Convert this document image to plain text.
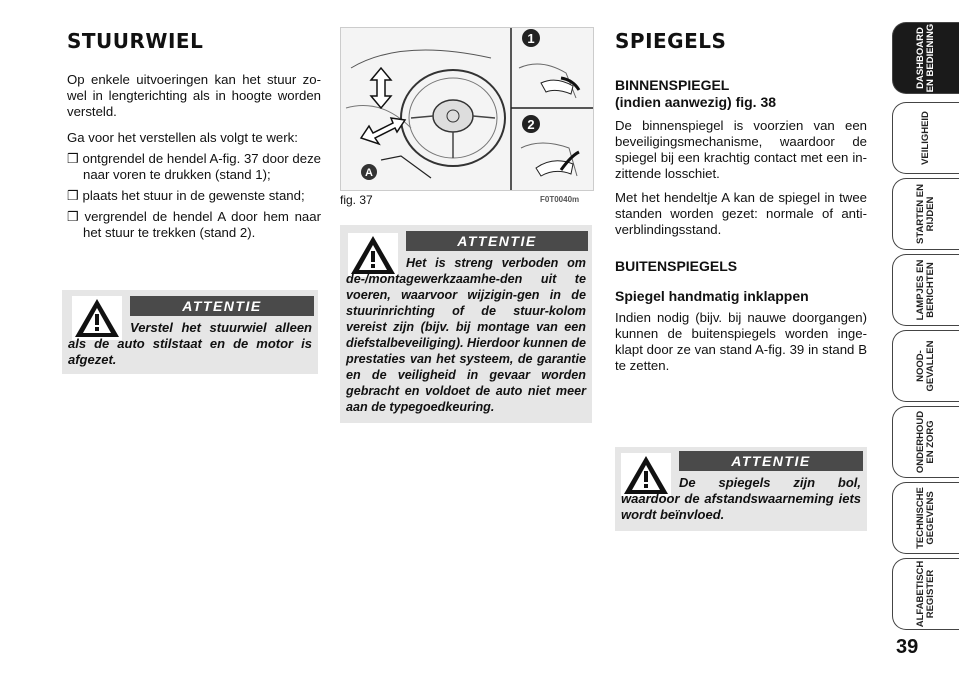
STUURWIEL

Op enkele uitvoeringen kan het stuur zo-wel in lengterichting als in hoogte worden versteld.

Ga voor het verstellen als volgt te werk:

❒ ontgrendel de hendel A-fig. 37 door deze naar voren te drukken (stand 1);

❒ plaats het stuur in de gewenste stand;

❒ vergrendel de hendel A door hem naar het stuur te trekken (stand 2).

ATTENTIE
Verstel het stuurwiel alleen als de auto stilstaat en de motor is afgezet.
A
1
2
fig. 37	F0T0040m
ATTENTIE
Het is streng verboden om de-/montagewerkzaamhe-den uit te voeren, waarvoor wijzigin-gen in de stuurinrichting of de stuur-kolom vereist zijn (bijv. bij montage van een diefstalbeveiliging). Hierdoor kunnen de prestaties van het systeem, de garantie en de veiligheid in gevaar worden gebracht en voldoet de auto niet meer aan de typegoedkeuring.
SPIEGELS
BINNENSPIEGEL
(indien aanwezig) fig. 38

De binnenspiegel is voorzien van een beveiligingsmechanisme, waardoor de spiegel bij een krachtig contact met een in-zittende losschiet.

Met het hendeltje A kan de spiegel in twee standen worden gezet: normale of anti-verblindingsstand.

BUITENSPIEGELS
Spiegel handmatig inklappen

Indien nodig (bijv. bij nauwe doorgangen) kunnen de buitenspiegels worden inge-klapt door ze van stand A-fig. 39 in stand B te zetten.

ATTENTIE
De spiegels zijn bol, waardoor de afstandswaarneming iets wordt beïnvloed.
DASHBOARD
EN BEDIENING
VEILIGHEID
STARTEN EN
RIJDEN
LAMPJES EN
BERICHTEN
NOOD-
GEVALLEN
ONDERHOUD
EN ZORG
TECHNISCHE
GEGEVENS
ALFABETISCH
REGISTER
39
